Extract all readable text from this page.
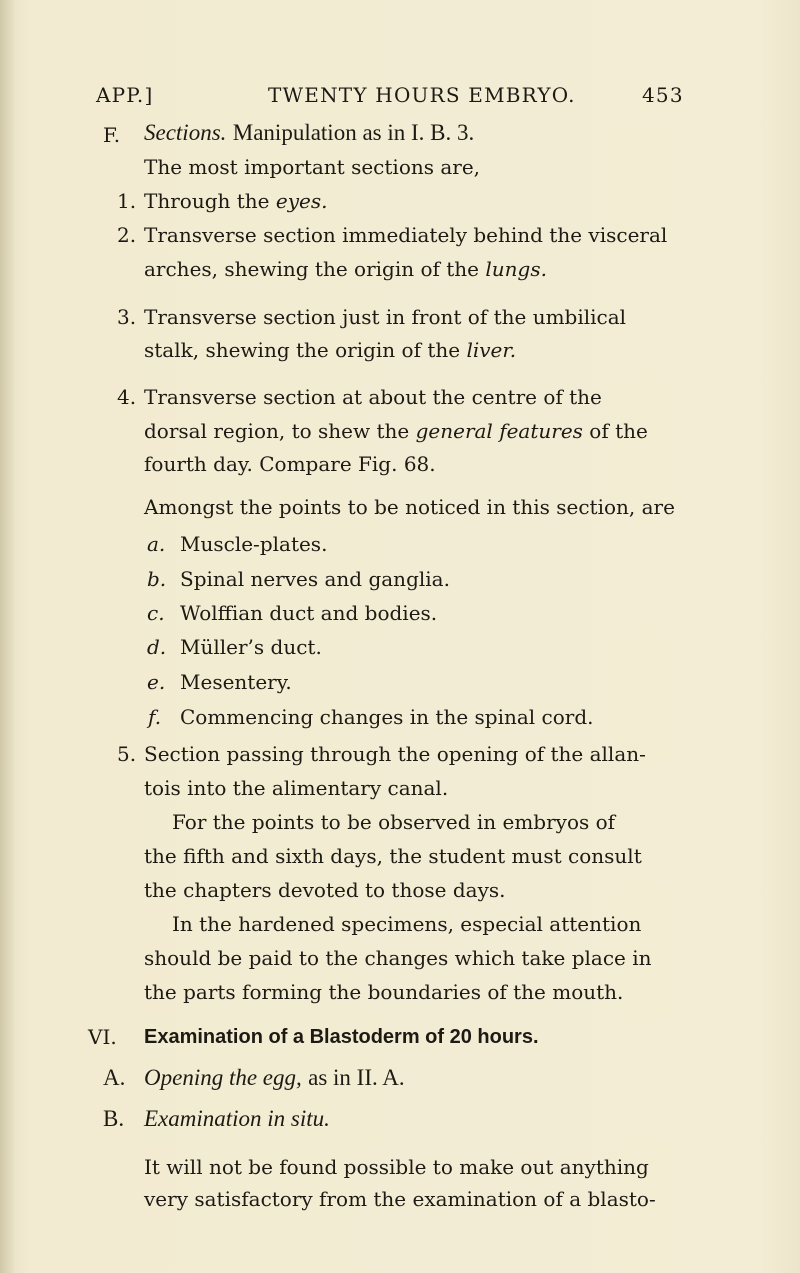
APP.]	TWENTY HOURS EMBRYO.	453
F. Sections. Manipulation as in I. B. 3.
The most important sections are,
1. Through the eyes.
2. Transverse section immediately behind the visceral
arches, shewing the origin of the lungs.
3. Transverse section just in front of the umbilical
stalk, shewing the origin of the liver.
4. Transverse section at about the centre of the
dorsal region, to shew the general features of the
fourth day. Compare Fig. 68.
Amongst the points to be noticed in this section, are
a. Muscle-plates.
b. Spinal nerves and ganglia.
c. Wolffian duct and bodies.
d. Müller’s duct.
e. Mesentery.
f. Commencing changes in the spinal cord.
5. Section passing through the opening of the allan-
tois into the alimentary canal.
For the points to be observed in embryos of
the fifth and sixth days, the student must consult
the chapters devoted to those days.
In the hardened specimens, especial attention
should be paid to the changes which take place in
the parts forming the boundaries of the mouth.
VI. Examination of a Blastoderm of 20 hours.
A. Opening the egg, as in II. A.
B. Examination in situ.
It will not be found possible to make out anything
very satisfactory from the examination of a blasto-
